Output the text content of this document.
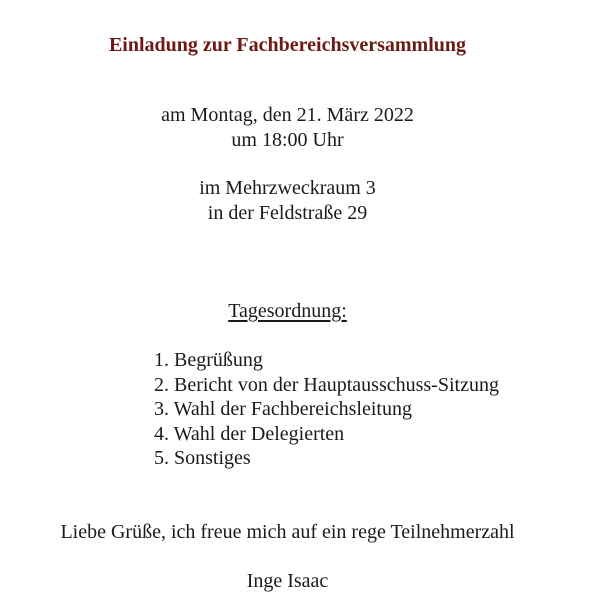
Einladung zur Fachbereichsversammlung
am Montag, den 21. März 2022
um 18:00 Uhr
im Mehrzweckraum 3
in der Feldstraße 29
Tagesordnung:
1. Begrüßung
2. Bericht von der Hauptausschuss-Sitzung
3. Wahl der Fachbereichsleitung
4. Wahl der Delegierten
5. Sonstiges
Liebe Grüße, ich freue mich auf ein rege Teilnehmerzahl
Inge Isaac
